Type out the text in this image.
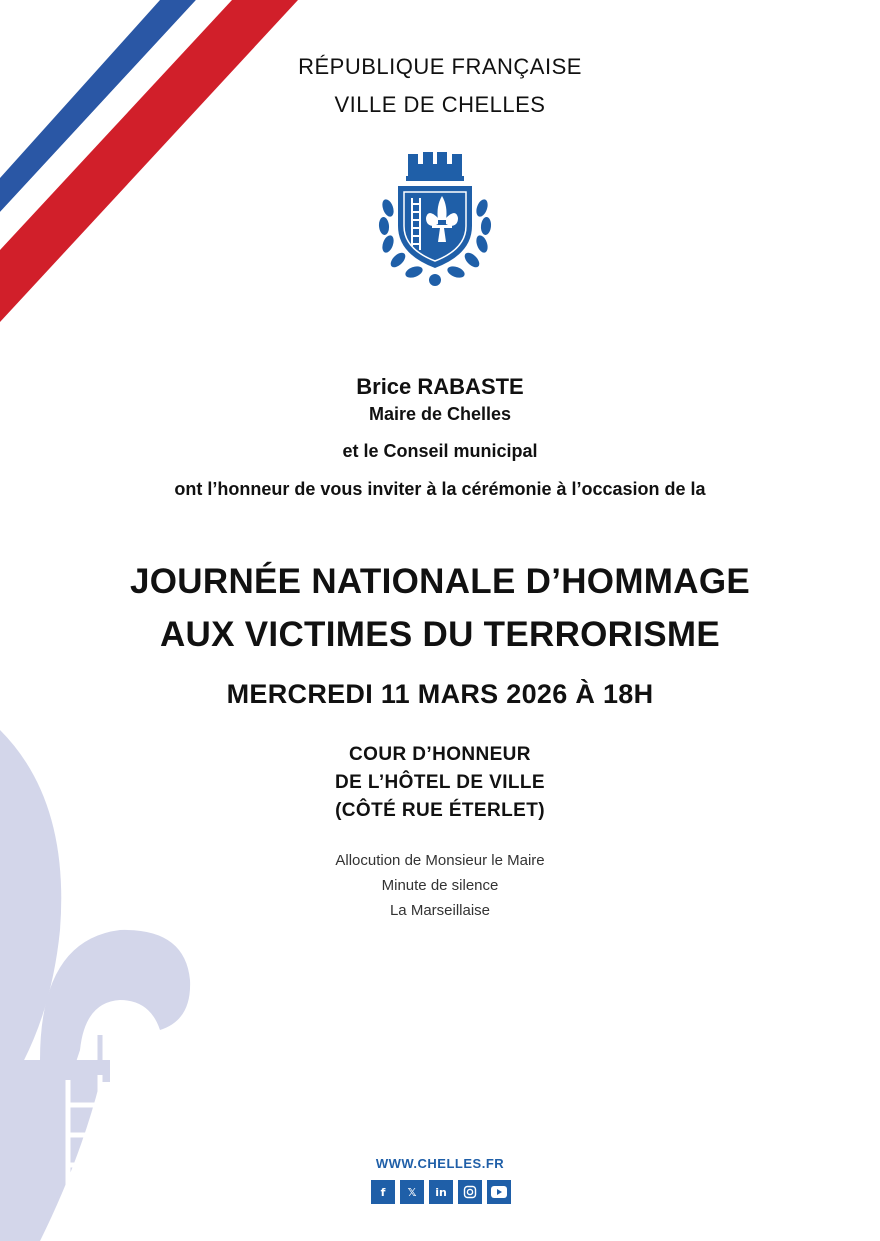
RÉPUBLIQUE FRANÇAISE
VILLE DE CHELLES
Brice RABASTE
Maire de Chelles
et le Conseil municipal
ont l’honneur de vous inviter à la cérémonie à l’occasion de la
JOURNÉE NATIONALE D’HOMMAGE
AUX VICTIMES DU TERRORISME
MERCREDI 11 MARS 2026 À 18H
COUR D’HONNEUR
DE L’HÔTEL DE VILLE
(CÔTÉ RUE ÉTERLET)
Allocution de Monsieur le Maire
Minute de silence
La Marseillaise
WWW.CHELLES.FR
f	𝕏	in
